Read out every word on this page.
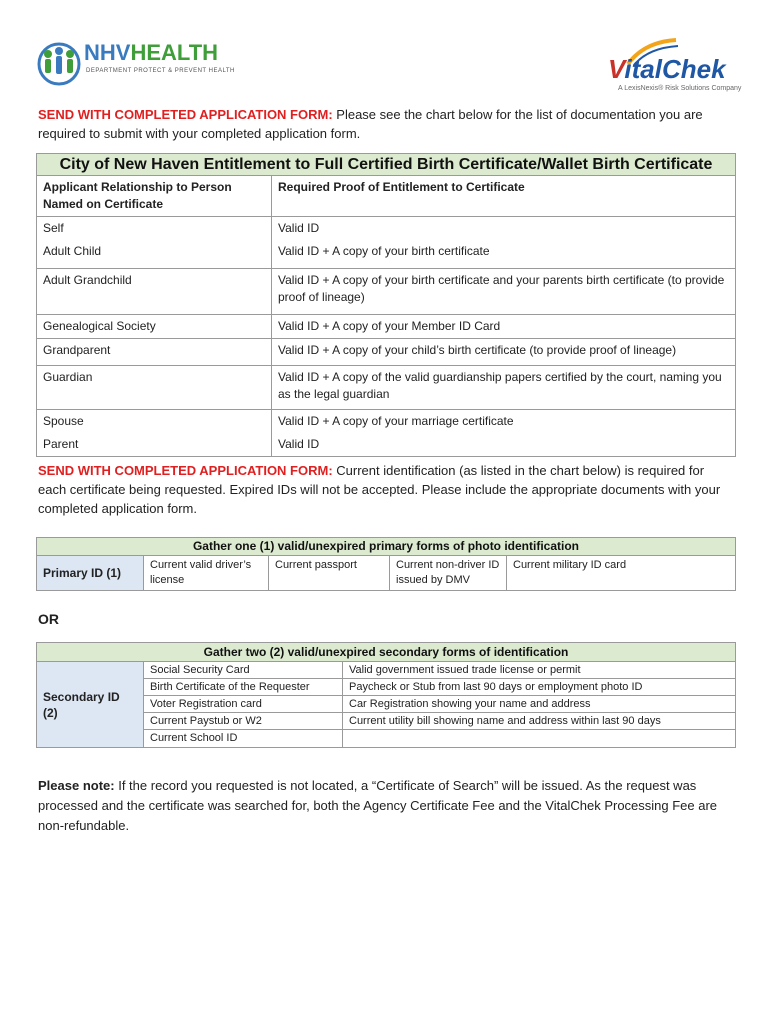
NHVHEALTH
DEPARTMENT PROTECT & PREVENT HEALTH	VitalChek
A LexisNexis® Risk Solutions Company
SEND WITH COMPLETED APPLICATION FORM: Please see the chart below for the list of documentation you are required to submit with your completed application form.
City of New Haven Entitlement to Full Certified Birth Certificate/Wallet Birth Certificate	
Applicant Relationship to Person Named on Certificate	Required Proof of Entitlement to Certificate
Self	Valid ID
Adult Child	Valid ID + A copy of your birth certificate
Adult Grandchild	Valid ID + A copy of your birth certificate and your parents birth certificate (to provide proof of lineage)
Genealogical Society	Valid ID + A copy of your Member ID Card
Grandparent	Valid ID + A copy of your child’s birth certificate (to provide proof of lineage)
Guardian	Valid ID + A copy of the valid guardianship papers certified by the court, naming you as the legal guardian
Spouse	Valid ID + A copy of your marriage certificate
Parent	Valid ID
SEND WITH COMPLETED APPLICATION FORM: Current identification (as listed in the chart below) is required for each certificate being requested. Expired IDs will not be accepted. Please include the appropriate documents with your completed application form.
Gather one (1) valid/unexpired primary forms of photo identification
Primary ID (1)	Current valid driver’s license	Current passport	Current non-driver ID issued by DMV	Current military ID card
OR
Gather two (2) valid/unexpired secondary forms of identification		
Secondary ID (2)	Social Security Card	Valid government issued trade license or permit
	Birth Certificate of the Requester	Paycheck or Stub from last 90 days or employment photo ID
	Voter Registration card	Car Registration showing your name and address
	Current Paystub or W2	Current utility bill showing name and address within last 90 days
	Current School ID	
Please note: If the record you requested is not located, a “Certificate of Search” will be issued. As the request was processed and the certificate was searched for, both the Agency Certificate Fee and the VitalChek Processing Fee are non-refundable.
